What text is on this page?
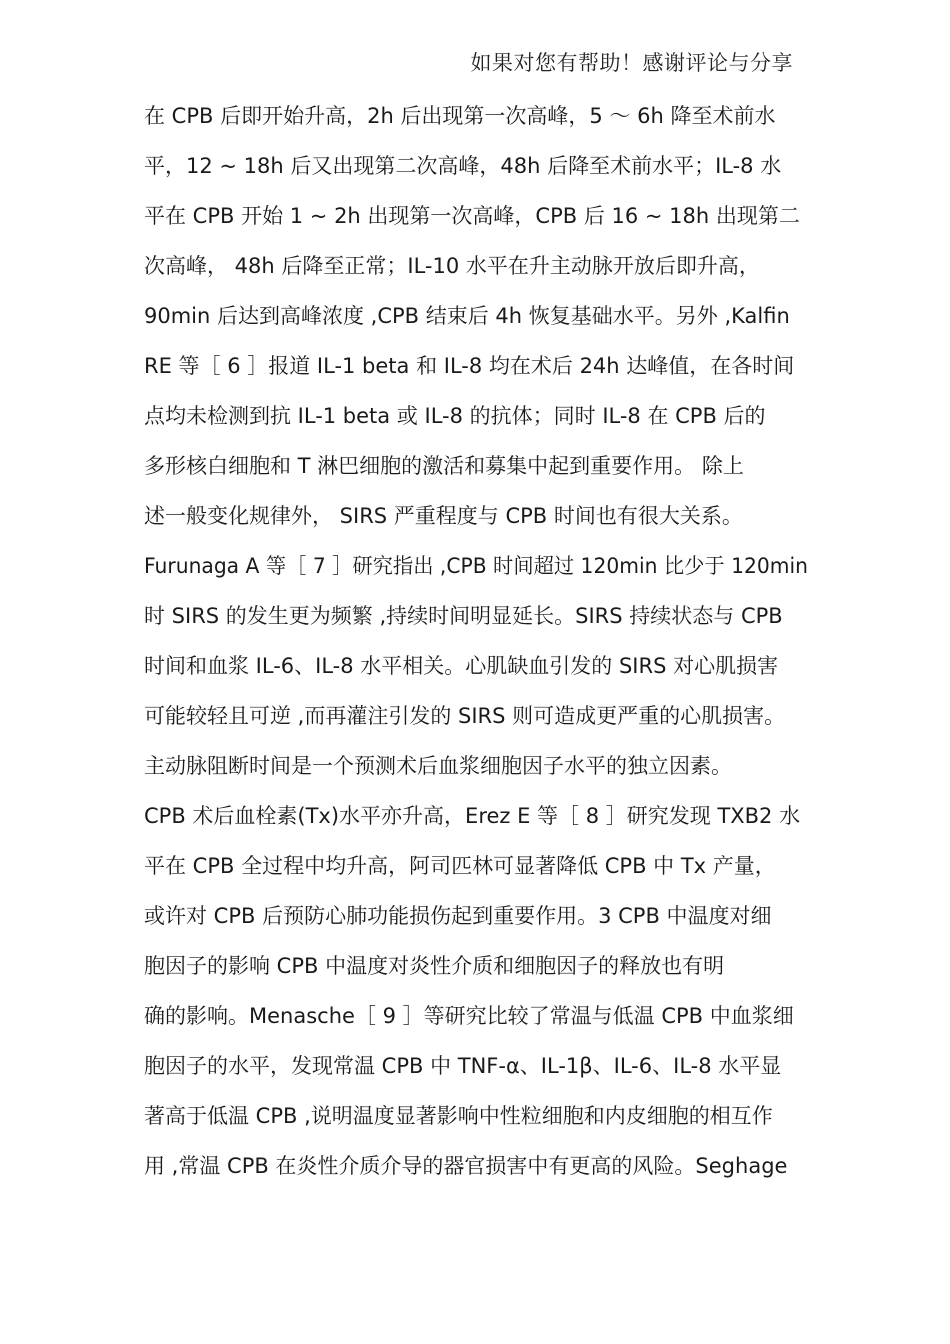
如果对您有帮助！感谢评论与分享
在 CPB 后即开始升高，2h 后出现第一次高峰，5 ～ 6h 降至术前水
平，12 ~ 18h 后又出现第二次高峰，48h 后降至术前水平；IL-8 水
平在 CPB 开始 1 ~ 2h 出现第一次高峰，CPB 后 16 ~ 18h 出现第二
次高峰， 48h 后降至正常；IL-10 水平在升主动脉开放后即升高，
90min 后达到高峰浓度 ,CPB 结束后 4h 恢复基础水平。另外 ,Kalfin
RE 等［ 6 ］报道 IL-1 beta 和 IL-8 均在术后 24h 达峰值，在各时间
点均未检测到抗 IL-1 beta 或 IL-8 的抗体；同时 IL-8 在 CPB 后的
多形核白细胞和 T 淋巴细胞的激活和募集中起到重要作用。 除上
述一般变化规律外， SIRS 严重程度与 CPB 时间也有很大关系。
Furunaga A 等［ 7 ］研究指出 ,CPB 时间超过 120min 比少于 120min
时 SIRS 的发生更为频繁 ,持续时间明显延长。SIRS 持续状态与 CPB
时间和血浆 IL-6、IL-8 水平相关。心肌缺血引发的 SIRS 对心肌损害
可能较轻且可逆 ,而再灌注引发的 SIRS 则可造成更严重的心肌损害。
主动脉阻断时间是一个预测术后血浆细胞因子水平的独立因素。
CPB 术后血栓素(Tx)水平亦升高，Erez E 等［ 8 ］研究发现 TXB2 水
平在 CPB 全过程中均升高，阿司匹林可显著降低 CPB 中 Tx 产量，
或许对 CPB 后预防心肺功能损伤起到重要作用。3 CPB 中温度对细
胞因子的影响 CPB 中温度对炎性介质和细胞因子的释放也有明
确的影响。Menasche［ 9 ］等研究比较了常温与低温 CPB 中血浆细
胞因子的水平，发现常温 CPB 中 TNF-α、IL-1β、IL-6、IL-8 水平显
著高于低温 CPB ,说明温度显著影响中性粒细胞和内皮细胞的相互作
用 ,常温 CPB 在炎性介质介导的器官损害中有更高的风险。Seghage
